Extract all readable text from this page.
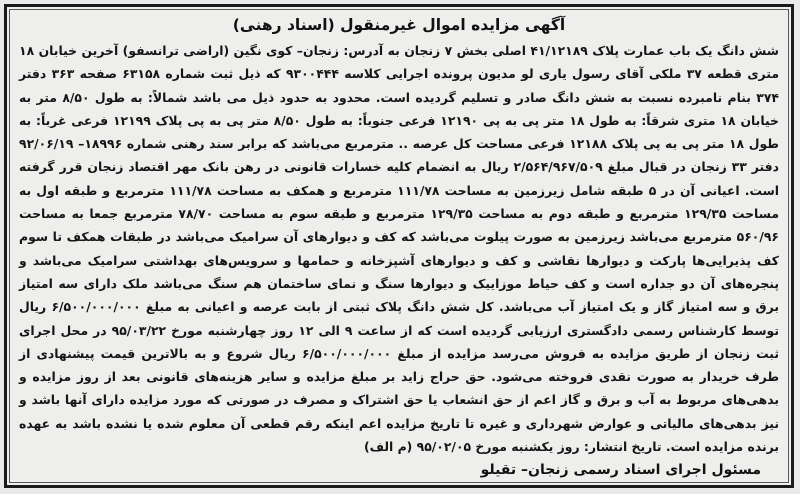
آگهی مزایده اموال غیرمنقول (اسناد رهنی)

شش دانگ یک باب عمارت پلاک ۴۱/۱۲۱۸۹ اصلی بخش ۷ زنجان به آدرس: زنجان– کوی نگین (اراضی ترانسفو) آخرین خیابان ۱۸ متری قطعه ۳۷ ملکی آقای رسول یاری لو مدیون پرونده اجرایی کلاسه ۹۳۰۰۴۴۴ که ذیل ثبت شماره ۶۳۱۵۸ صفحه ۳۶۳ دفتر ۳۷۴ بنام نامبرده نسبت به شش دانگ صادر و تسلیم گردیده است. محدود به حدود ذیل می باشد شمالاً: به طول ۸/۵۰ متر به خیابان ۱۸ متری شرقاً: به طول ۱۸ متر پی به پی ۱۲۱۹۰ فرعی جنوباً: به طول ۸/۵۰ متر پی به پی پلاک ۱۲۱۹۹ فرعی غرباً: به طول ۱۸ متر پی به پی پلاک ۱۲۱۸۸ فرعی مساحت کل عرصه .. مترمربع می‌باشد که برابر سند رهنی شماره ۱۸۹۹۶– ۹۲/۰۶/۱۹ دفتر ۳۳ زنجان در قبال مبلغ ۲/۵۶۴/۹۶۷/۵۰۹ ریال به انضمام کلیه خسارات قانونی در رهن بانک مهر اقتصاد زنجان قرر گرفته است. اعیانی آن در ۵ طبقه شامل زیرزمین به مساحت ۱۱۱/۷۸ مترمربع و همکف به مساحت ۱۱۱/۷۸ مترمربع و طبقه اول به مساحت ۱۲۹/۳۵ مترمربع و طبقه دوم به مساحت ۱۲۹/۳۵ مترمربع و طبقه سوم به مساحت ۷۸/۷۰ مترمربع جمعا به مساحت ۵۶۰/۹۶ مترمربع می‌باشد زیرزمین به صورت پیلوت می‌باشد که کف و دیوارهای آن سرامیک می‌باشد در طبقات همکف تا سوم کف پذیرایی‌ها پارکت و دیوارها نقاشی و کف و دیوارهای آشپزخانه و حمامها و سرویس‌های بهداشتی سرامیک می‌باشد و پنجره‌های آن دو جداره است و کف حیاط موزاییک و دیوارها سنگ و نمای ساختمان هم سنگ می‌باشد ملک دارای سه امتیاز برق و سه امتیاز گاز و یک امتیاز آب می‌باشد. کل شش دانگ پلاک ثبتی از بابت عرصه و اعیانی به مبلغ ۶/۵۰۰/۰۰۰/۰۰۰ ریال توسط کارشناس رسمی دادگستری ارزیابی گردیده است که از ساعت ۹ الی ۱۲ روز چهارشنبه مورخ ۹۵/۰۳/۲۲ در محل اجرای ثبت زنجان از طریق مزایده به فروش می‌رسد مزایده از مبلغ ۶/۵۰۰/۰۰۰/۰۰۰ ریال شروع و به بالاترین قیمت پیشنهادی از طرف خریدار به صورت نقدی فروخته می‌شود. حق حراج زاید بر مبلغ مزایده و سایر هزینه‌های قانونی بعد از روز مزایده و بدهی‌های مربوط به آب و برق و گاز اعم از حق انشعاب یا حق اشتراک و مصرف در صورتی که مورد مزایده دارای آنها باشد و نیز بدهی‌های مالیاتی و عوارض شهرداری و غیره تا تاریخ مزایده اعم اینکه رقم قطعی آن معلوم شده یا نشده باشد به عهده برنده مزایده است. تاریخ انتشار: روز یکشنبه مورخ ۹۵/۰۲/۰۵ (م الف)

مسئول اجرای اسناد رسمی زنجان– تقیلو
